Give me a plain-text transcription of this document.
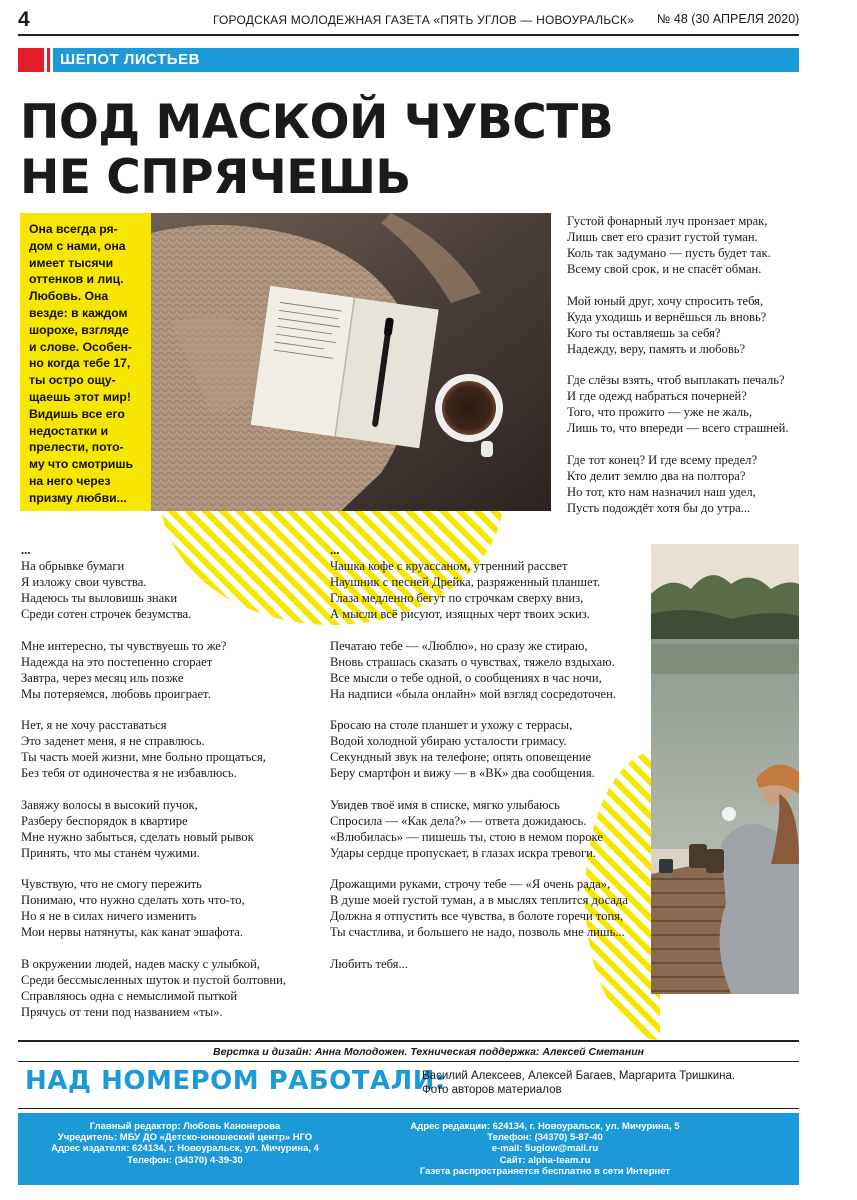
4	ГОРОДСКАЯ МОЛОДЕЖНАЯ ГАЗЕТА «ПЯТЬ УГЛОВ — НОВОУРАЛЬСК» № 48 (30 АПРЕЛЯ 2020)
ШЕПОТ ЛИСТЬЕВ
ПОД МАСКОЙ ЧУВСТВ
НЕ СПРЯЧЕШЬ
Она всегда ря-
дом с нами, она
имеет тысячи
оттенков и лиц.
Любовь. Она
везде: в каждом
шорохе, взгляде
и слове. Особен-
но когда тебе 17,
ты остро ощу-
щаешь этот мир!
Видишь все его
недостатки и
прелести, пото-
му что смотришь
на него через
призму любви...
Густой фонарный луч пронзает мрак,
Лишь свет его сразит густой туман.
Коль так задумано — пусть будет так.
Всему свой срок, и не спасёт обман.
Мой юный друг, хочу спросить тебя,
Куда уходишь и вернёшься ль вновь?
Кого ты оставляешь за себя?
Надежду, веру, память и любовь?
Где слёзы взять, чтоб выплакать печаль?
И где одежд набраться почерней?
Того, что прожито — уже не жаль,
Лишь то, что впереди — всего страшней.
Где тот конец? И где всему предел?
Кто делит землю два на полтора?
Но тот, кто нам назначил наш удел,
Пусть подождёт хотя бы до утра...
...
На обрывке бумаги
Я изложу свои чувства.
Надеюсь ты выловишь знаки
Среди сотен строчек безумства.
Мне интересно, ты чувствуешь то же?
Надежда на это постепенно сгорает
Завтра, через месяц иль позже
Мы потеряемся, любовь проиграет.
Нет, я не хочу расставаться
Это заденет меня, я не справлюсь.
Ты часть моей жизни, мне больно прощаться,
Без тебя от одиночества я не избавлюсь.
Завяжу волосы в высокий пучок,
Разберу беспорядок в квартире
Мне нужно забыться, сделать новый рывок
Принять, что мы станем чужими.
Чувствую, что не смогу пережить
Понимаю, что нужно сделать хоть что-то,
Но я не в силах ничего изменить
Мои нервы натянуты, как канат эшафота.
В окружении людей, надев маску с улыбкой,
Среди бессмысленных шуток и пустой болтовни,
Справляюсь одна с немыслимой пыткой
Прячусь от тени под названием «ты».
...
Чашка кофе с круассаном, утренний рассвет
Наушник с песней Дрейка, разряженный планшет.
Глаза медленно бегут по строчкам сверху вниз,
А мысли всё рисуют, изящных черт твоих эскиз.
Печатаю тебе — «Люблю», но сразу же стираю,
Вновь страшась сказать о чувствах, тяжело вздыхаю.
Все мысли о тебе одной, о сообщениях в час ночи,
На надписи «была онлайн» мой взгляд сосредоточен.
Бросаю на столе планшет и ухожу с террасы,
Водой холодной убираю усталости гримасу.
Секундный звук на телефоне; опять оповещение
Беру смартфон и вижу — в «ВК» два сообщения.
Увидев твоё имя в списке, мягко улыбаюсь
Спросила — «Как дела?» — ответа дожидаюсь.
«Влюбилась» — пишешь ты, стою в немом пороке
Удары сердце пропускает, в глазах искра тревоги.
Дрожащими руками, строчу тебе — «Я очень рада»,
В душе моей густой туман, а в мыслях теплится досада
Должна я отпустить все чувства, в болоте горечи топя,
Ты счастлива, и большего не надо, позволь мне лишь...
Любить тебя...
Верстка и дизайн: Анна Молодожен. Техническая поддержка: Алексей Сметанин
НАД НОМЕРОМ РАБОТАЛИ:
Василий Алексеев, Алексей Багаев, Маргарита Тришкина.
Фото авторов материалов
Главный редактор: Любовь Канонерова
Учредитель: МБУ ДО «Детско-юношеский центр» НГО
Адрес издателя: 624134, г. Новоуральск, ул. Мичурина, 4
Телефон: (34370) 4-39-30
Адрес редакции: 624134, г. Новоуральск, ул. Мичурина, 5
Телефон: (34370) 5-87-40
e-mail: 5uglow@mail.ru
Сайт: alpha-team.ru
Газета распространяется бесплатно в сети Интернет
